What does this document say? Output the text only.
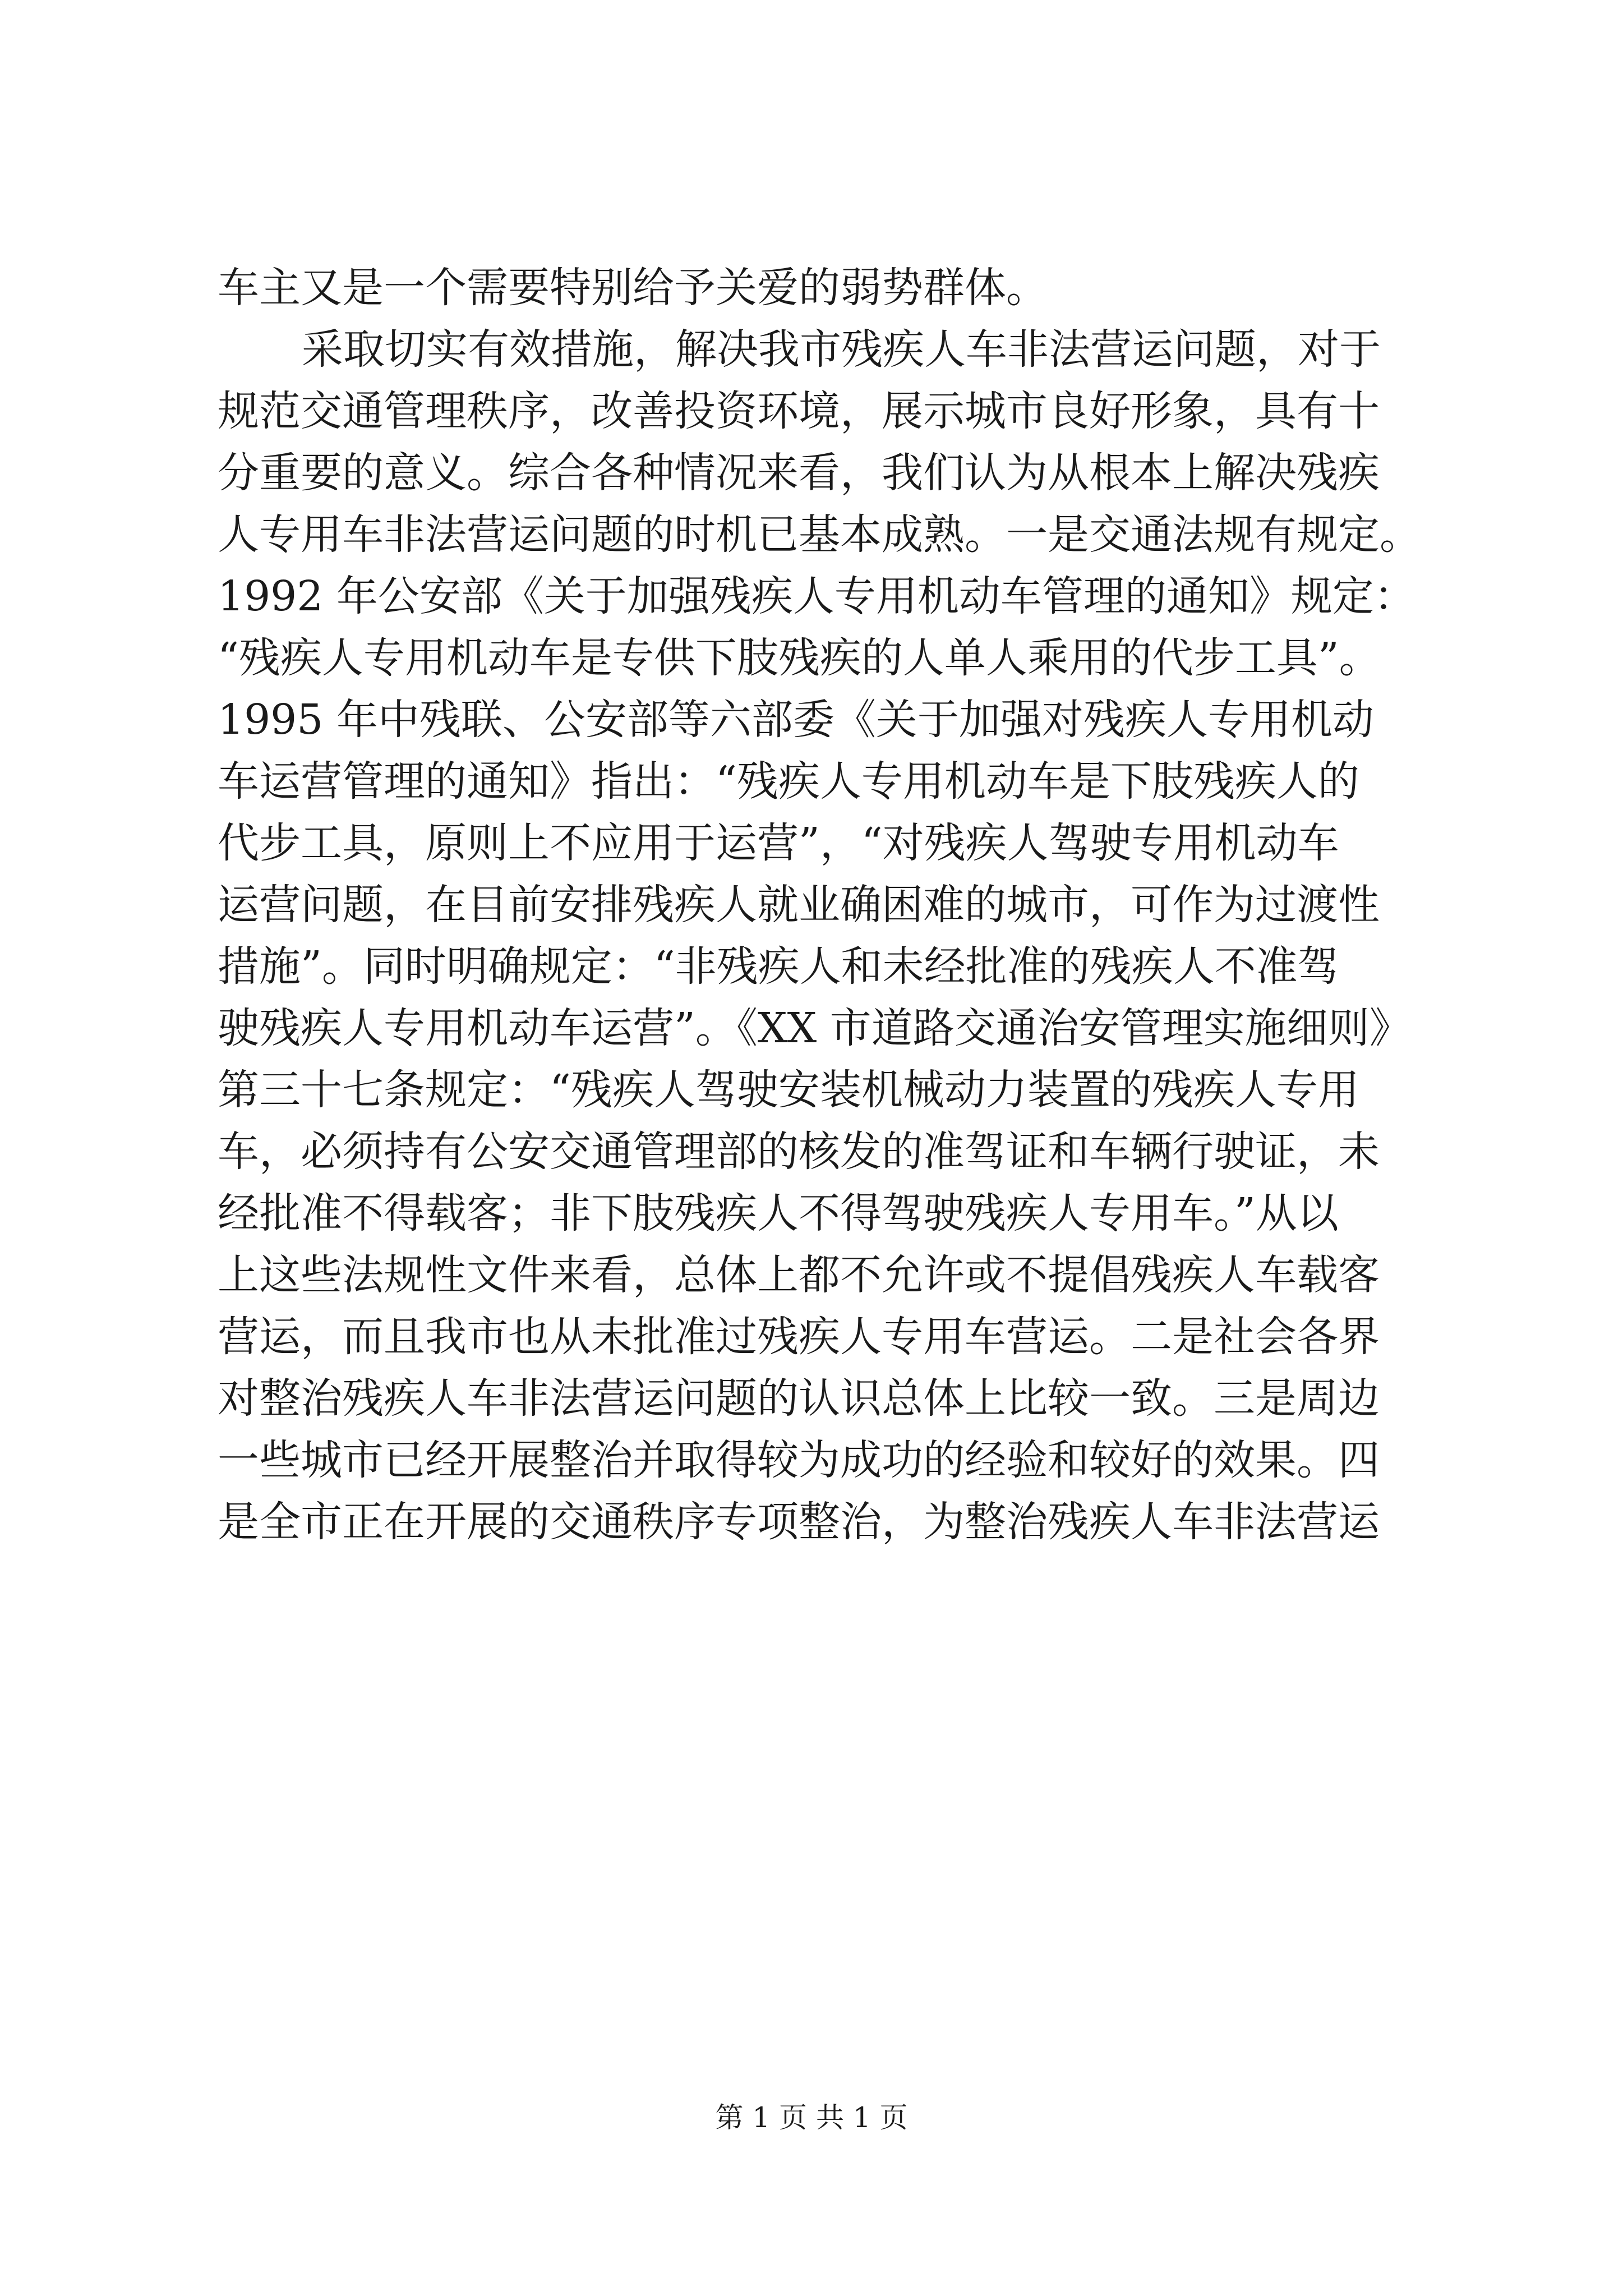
车主又是一个需要特别给予关爱的弱势群体。
采取切实有效措施，解决我市残疾人车非法营运问题，对于
规范交通管理秩序，改善投资环境，展示城市良好形象，具有十
分重要的意义。综合各种情况来看，我们认为从根本上解决残疾
人专用车非法营运问题的时机已基本成熟。一是交通法规有规定。
1992 年公安部《关于加强残疾人专用机动车管理的通知》规定：
“残疾人专用机动车是专供下肢残疾的人单人乘用的代步工具”。
1995 年中残联、公安部等六部委《关于加强对残疾人专用机动
车运营管理的通知》指出：“残疾人专用机动车是下肢残疾人的
代步工具，原则上不应用于运营”，“对残疾人驾驶专用机动车
运营问题，在目前安排残疾人就业确困难的城市，可作为过渡性
措施”。同时明确规定：“非残疾人和未经批准的残疾人不准驾
驶残疾人专用机动车运营”。《XX 市道路交通治安管理实施细则》
第三十七条规定：“残疾人驾驶安装机械动力装置的残疾人专用
车，必须持有公安交通管理部的核发的准驾证和车辆行驶证，未
经批准不得载客；非下肢残疾人不得驾驶残疾人专用车。”从以
上这些法规性文件来看，总体上都不允许或不提倡残疾人车载客
营运，而且我市也从未批准过残疾人专用车营运。二是社会各界
对整治残疾人车非法营运问题的认识总体上比较一致。三是周边
一些城市已经开展整治并取得较为成功的经验和较好的效果。四
是全市正在开展的交通秩序专项整治，为整治残疾人车非法营运
第 1 页 共 1 页
